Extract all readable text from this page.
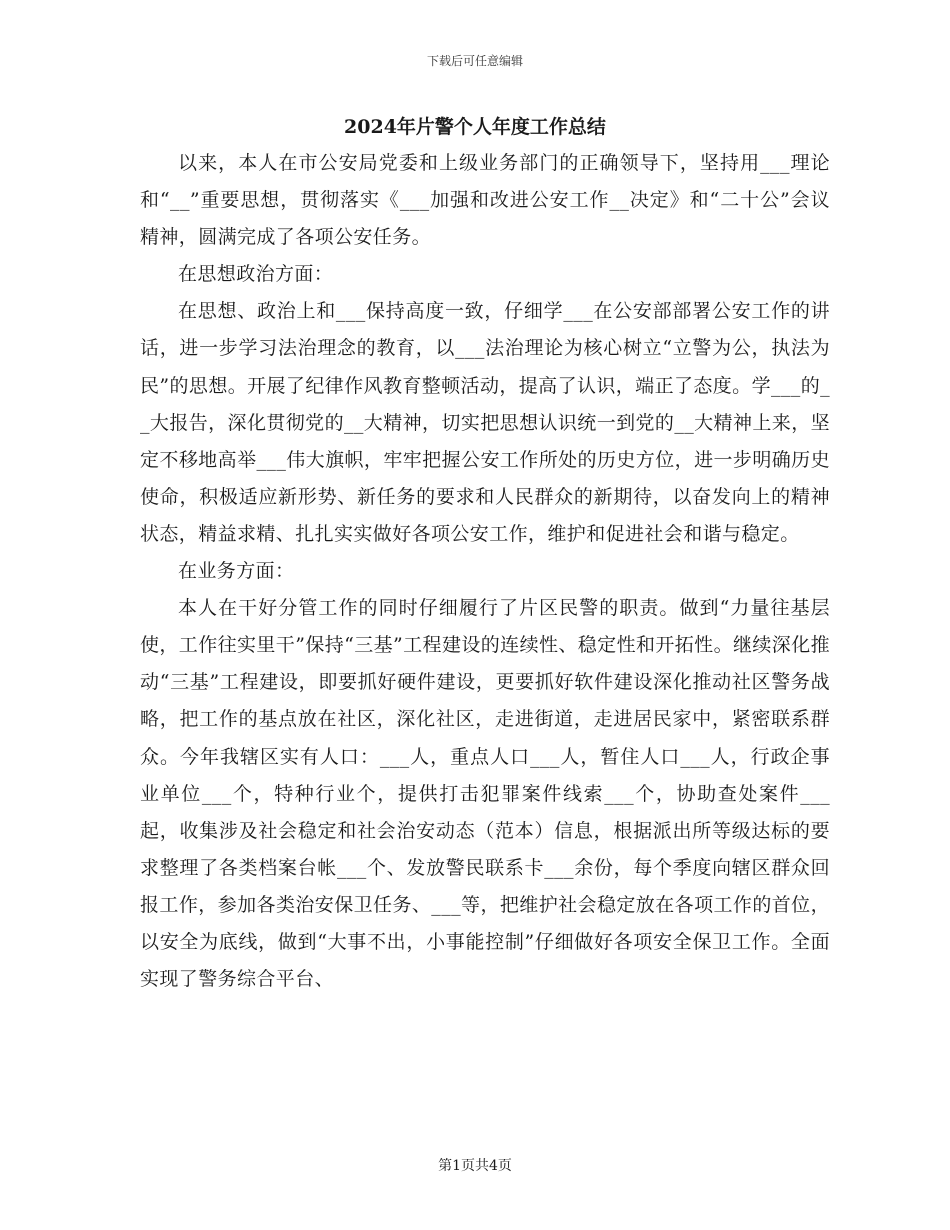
下载后可任意编辑
2024年片警个人年度工作总结

以来，本人在市公安局党委和上级业务部门的正确领导下，坚持用___理论和“__”重要思想，贯彻落实《___加强和改进公安工作__决定》和“二十公”会议精神，圆满完成了各项公安任务。

在思想政治方面：

在思想、政治上和___保持高度一致，仔细学___在公安部部署公安工作的讲话，进一步学习法治理念的教育，以___法治理论为核心树立“立警为公，执法为民”的思想。开展了纪律作风教育整顿活动，提高了认识，端正了态度。学___的__大报告，深化贯彻党的__大精神，切实把思想认识统一到党的__大精神上来，坚定不移地高举___伟大旗帜，牢牢把握公安工作所处的历史方位，进一步明确历史使命，积极适应新形势、新任务的要求和人民群众的新期待，以奋发向上的精神状态，精益求精、扎扎实实做好各项公安工作，维护和促进社会和谐与稳定。

在业务方面：

本人在干好分管工作的同时仔细履行了片区民警的职责。做到“力量往基层使，工作往实里干”保持“三基”工程建设的连续性、稳定性和开拓性。继续深化推动“三基”工程建设，即要抓好硬件建设，更要抓好软件建设深化推动社区警务战略，把工作的基点放在社区，深化社区，走进街道，走进居民家中，紧密联系群众。今年我辖区实有人口：___人，重点人口___人，暂住人口___人，行政企事业单位___个，特种行业个，提供打击犯罪案件线索___个，协助查处案件___起，收集涉及社会稳定和社会治安动态（范本）信息，根据派出所等级达标的要求整理了各类档案台帐___个、发放警民联系卡___余份，每个季度向辖区群众回报工作，参加各类治安保卫任务、___等，把维护社会稳定放在各项工作的首位，以安全为底线，做到“大事不出，小事能控制”仔细做好各项安全保卫工作。全面实现了警务综合平台、

第1页共4页
